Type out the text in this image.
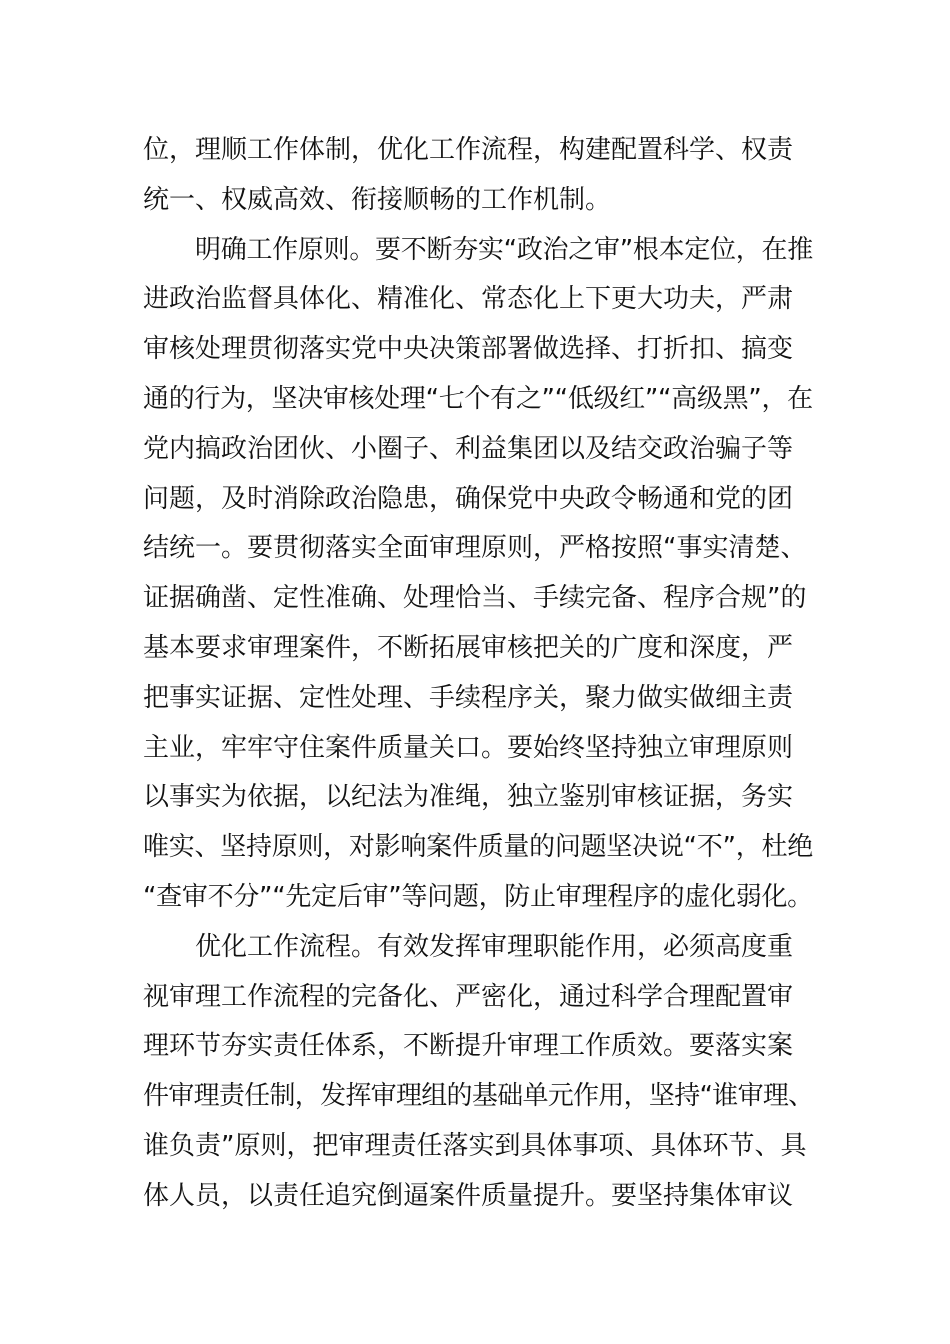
位，理顺工作体制，优化工作流程，构建配置科学、权责
统一、权威高效、衔接顺畅的工作机制。
明确工作原则。要不断夯实“政治之审”根本定位，在推
进政治监督具体化、精准化、常态化上下更大功夫，严肃
审核处理贯彻落实党中央决策部署做选择、打折扣、搞变
通的行为，坚决审核处理“七个有之”“低级红”“高级黑”，在
党内搞政治团伙、小圈子、利益集团以及结交政治骗子等
问题，及时消除政治隐患，确保党中央政令畅通和党的团
结统一。要贯彻落实全面审理原则，严格按照“事实清楚、
证据确凿、定性准确、处理恰当、手续完备、程序合规”的
基本要求审理案件，不断拓展审核把关的广度和深度，严
把事实证据、定性处理、手续程序关，聚力做实做细主责
主业，牢牢守住案件质量关口。要始终坚持独立审理原则
以事实为依据，以纪法为准绳，独立鉴别审核证据，务实
唯实、坚持原则，对影响案件质量的问题坚决说“不”，杜绝
“查审不分”“先定后审”等问题，防止审理程序的虚化弱化。
优化工作流程。有效发挥审理职能作用，必须高度重
视审理工作流程的完备化、严密化，通过科学合理配置审
理环节夯实责任体系，不断提升审理工作质效。要落实案
件审理责任制，发挥审理组的基础单元作用，坚持“谁审理、
谁负责”原则，把审理责任落实到具体事项、具体环节、具
体人员，以责任追究倒逼案件质量提升。要坚持集体审议
